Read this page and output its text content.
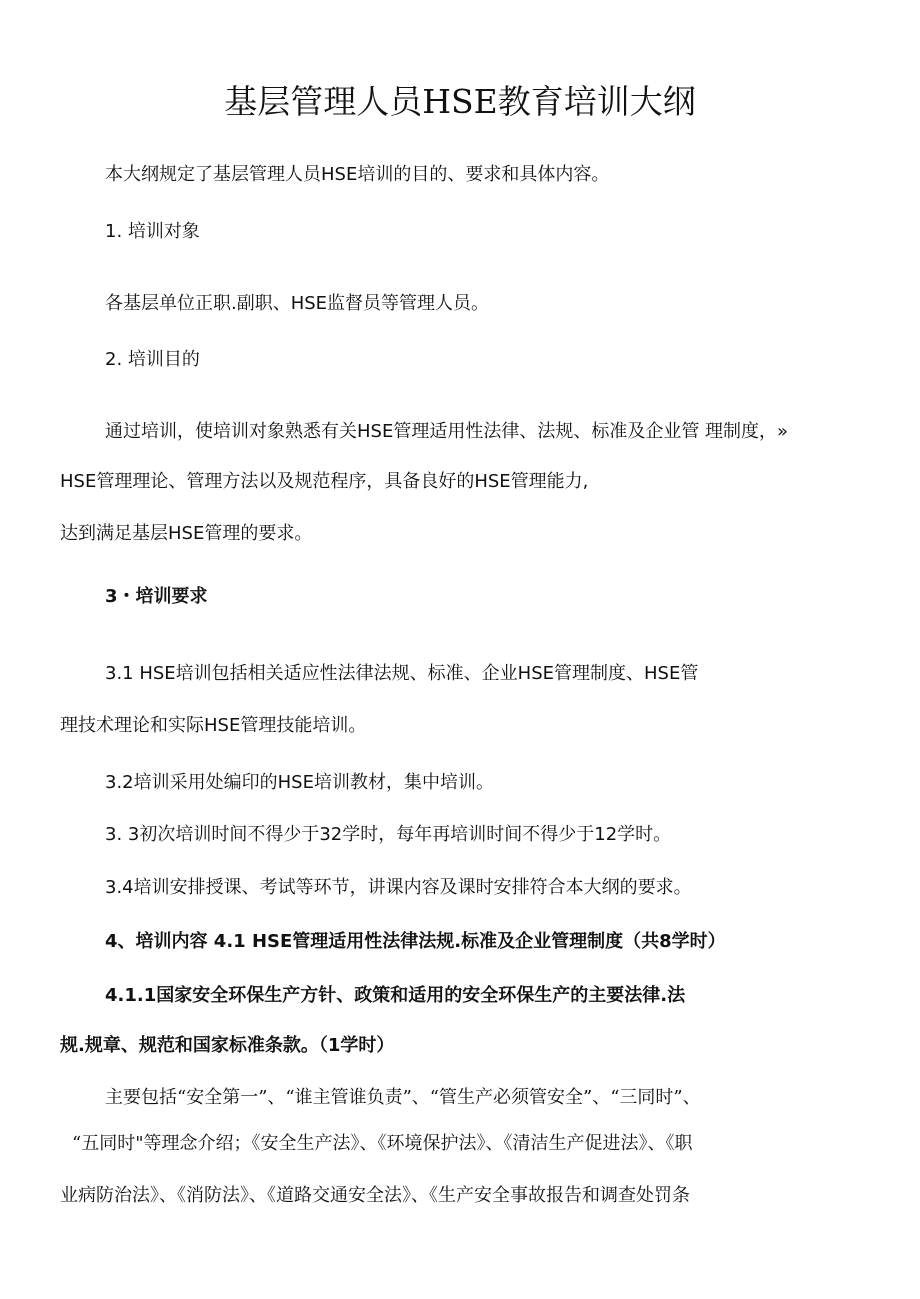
基层管理人员HSE教育培训大纲
本大纲规定了基层管理人员HSE培训的目的、要求和具体内容。
1. 培训对象
各基层单位正职.副职、HSE监督员等管理人员。
2. 培训目的
通过培训，使培训对象熟悉有关HSE管理适用性法律、法规、标准及企业管 理制度，»
HSE管理理论、管理方法以及规范程序，具备良好的HSE管理能力,
达到满足基层HSE管理的要求。
3・培训要求
3.1 HSE培训包括相关适应性法律法规、标准、企业HSE管理制度、HSE管
理技术理论和实际HSE管理技能培训。
3.2培训采用处编印的HSE培训教材，集中培训。
3. 3初次培训时间不得少于32学时，每年再培训时间不得少于12学时。
3.4培训安排授课、考试等环节，讲课内容及课时安排符合本大纲的要求。
4、培训内容 4.1 HSE管理适用性法律法规.标准及企业管理制度（共8学时）
4.1.1国家安全环保生产方针、政策和适用的安全环保生产的主要法律.法
规.规章、规范和国家标准条款。（1学时）
主要包括“安全第一”、“谁主管谁负责”、“管生产必须管安全”、“三同时”、
“五同时"等理念介绍；《安全生产法》、《环境保护法》、《清洁生产促进法》、《职
业病防治法》、《消防法》、《道路交通安全法》、《生产安全事故报告和调查处罚条
